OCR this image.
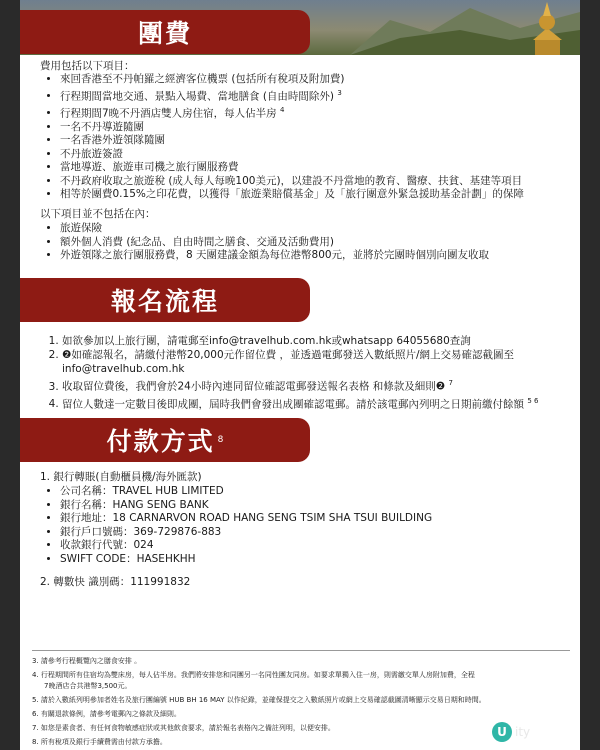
團費
費用包括以下項目：
• 來回香港至不丹帕羅之經濟客位機票 (包括所有稅項及附加費)
• 行程期間當地交通、景點入場費、當地膳食 (自由時間除外) $^3$
• 行程期間7晚不丹酒店雙人房住宿，每人佔半房 $^4$
• 一名不丹導遊隨團
• 一名香港外遊領隊隨團
• 不丹旅遊簽證
• 當地導遊、旅遊車司機之旅行團服務費
• 不丹政府收取之旅遊稅 (成人每人每晚100美元)，以建設不丹當地的教育、醫療、扶貧、基建等項目
• 相等於團費0.15%之印花費，以獲得「旅遊業賠償基金」及「旅行團意外緊急援助基金計劃」的保障
以下項目並不包括在內：
• 旅遊保險
• 額外個人消費 (紀念品、自由時間之膳食、交通及活動費用)
• 外遊領隊之旅行團服務費，8 天團建議金額為每位港幣800元，並將於完團時個別向團友收取
報名流程
1. 如欲參加以上旅行團，請電郵至info@travelhub.com.hk或whatsapp 64055680查詢
2. ❷如確認報名，請繳付港幣20,000元作留位費 ，並透過電郵發送入數紙照片/網上交易確認截圖至 info@travelhub.com.hk
3. 收取留位費後，我們會於24小時內連同留位確認電郵發送報名表格 和條款及細則❷ $^7$
4. 留位人數達一定數目後即成團，屆時我們會發出成團確認電郵。請於該電郵內列明之日期前繳付餘額 $^{5 6}$
付款方式 8
1. 銀行轉賬(自動櫃員機/海外匯款)
• 公司名稱：TRAVEL HUB LIMITED
• 銀行名稱：HANG SENG BANK
• 銀行地址：18 CARNARVON ROAD HANG SENG TSIM SHA TSUI BUILDING
• 銀行戶口號碼：369-729876-883
• 收款銀行代號：024
• SWIFT CODE：HASEHKHH
2. 轉數快 識別碼：111991832
3. 請參考行程概覽內之膳食安排 。
4. 行程期間所有住宿均為雙床房，每人佔半房。我們將安排您和同團另一名同性團友同房。如要求單獨入住一房，則需繳交單人房附加費，全程
7晚酒店合共港幣3,500元。
5. 請於入數紙列明參加者姓名及旅行團編號 HUB BH 16 MAY 以作紀錄，並確保提交之入數紙照片或網上交易確認截圖清晰顯示交易日期和時間。
6. 有關退款條例，請參考電郵內之條款及細則。
7. 如您是素食者、有任何食物敏感症狀或其他飲食要求，請於報名表格內之備註列明，以便安排。
8. 所有稅項及銀行手續費需由付款方承擔。
U ity
